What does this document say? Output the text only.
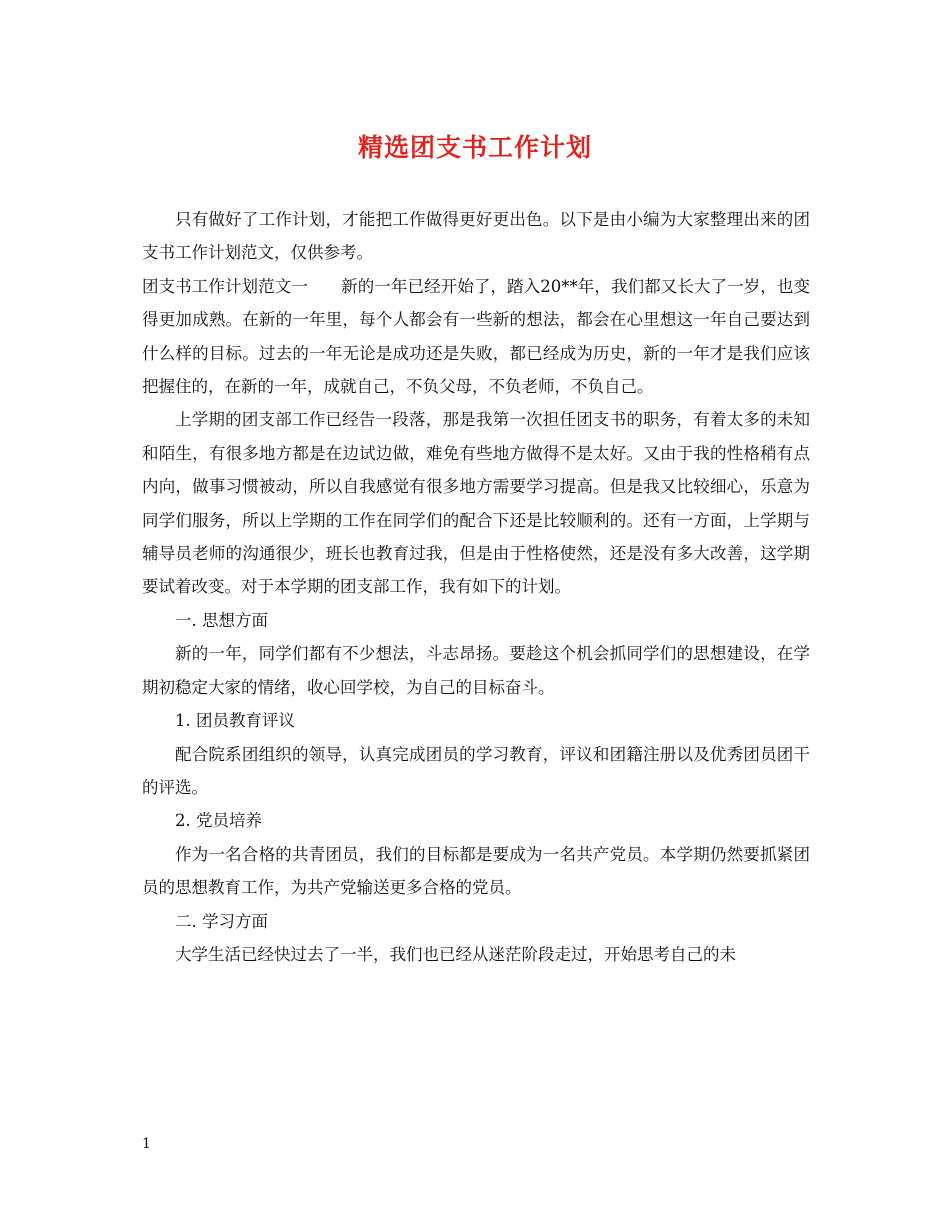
精选团支书工作计划

只有做好了工作计划，才能把工作做得更好更出色。以下是由小编为大家整理出来的团支书工作计划范文，仅供参考。

团支书工作计划范文一　　新的一年已经开始了，踏入20**年，我们都又长大了一岁，也变得更加成熟。在新的一年里，每个人都会有一些新的想法，都会在心里想这一年自己要达到什么样的目标。过去的一年无论是成功还是失败，都已经成为历史，新的一年才是我们应该把握住的，在新的一年，成就自己，不负父母，不负老师，不负自己。

上学期的团支部工作已经告一段落，那是我第一次担任团支书的职务，有着太多的未知和陌生，有很多地方都是在边试边做，难免有些地方做得不是太好。又由于我的性格稍有点内向，做事习惯被动，所以自我感觉有很多地方需要学习提高。但是我又比较细心，乐意为同学们服务，所以上学期的工作在同学们的配合下还是比较顺利的。还有一方面，上学期与辅导员老师的沟通很少，班长也教育过我，但是由于性格使然，还是没有多大改善，这学期要试着改变。对于本学期的团支部工作，我有如下的计划。

一. 思想方面

新的一年，同学们都有不少想法，斗志昂扬。要趁这个机会抓同学们的思想建设，在学期初稳定大家的情绪，收心回学校，为自己的目标奋斗。

1. 团员教育评议

配合院系团组织的领导，认真完成团员的学习教育，评议和团籍注册以及优秀团员团干的评选。

2. 党员培养

作为一名合格的共青团员，我们的目标都是要成为一名共产党员。本学期仍然要抓紧团员的思想教育工作，为共产党输送更多合格的党员。

二. 学习方面

大学生活已经快过去了一半，我们也已经从迷茫阶段走过，开始思考自己的未

1
